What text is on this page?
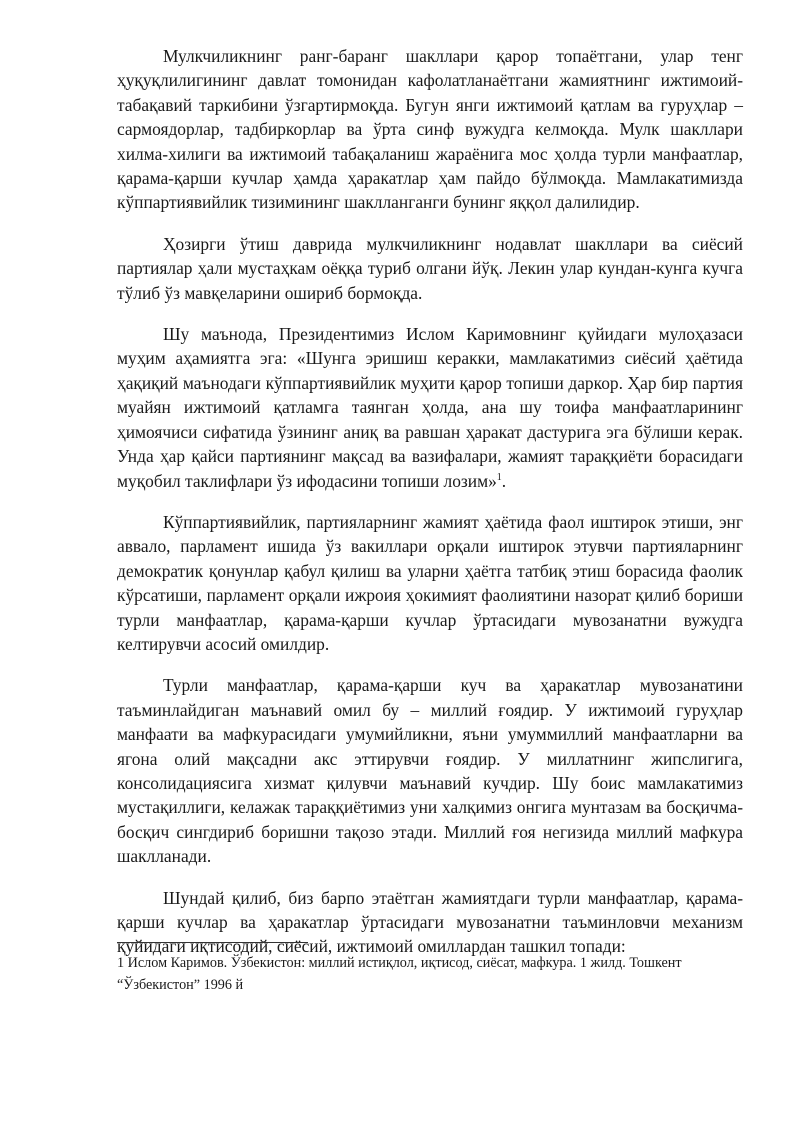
Мулкчиликнинг ранг-баранг шакллари қарор топаётгани, улар тенг ҳуқуқлилигининг давлат томонидан кафолатланаётгани жамиятнинг ижтимоий-табақавий таркибини ўзгартирмоқда. Бугун янги ижтимоий қатлам ва гуруҳлар – сармоядорлар, тадбиркорлар ва ўрта синф вужудга келмоқда. Мулк шакллари хилма-хилиги ва ижтимоий табақаланиш жараёнига мос ҳолда турли манфаатлар, қарама-қарши кучлар ҳамда ҳаракатлар ҳам пайдо бўлмоқда. Мамлакатимизда кўппартиявийлик тизимининг шаклланганги бунинг яққол далилидир.

Ҳозирги ўтиш даврида мулкчиликнинг нодавлат шакллари ва сиёсий партиялар ҳали мустаҳкам оёққа туриб олгани йўқ. Лекин улар кундан-кунга кучга тўлиб ўз мавқеларини ошириб бормоқда.

Шу маънода, Президентимиз Ислом Каримовнинг қуйидаги мулоҳазаси муҳим аҳамиятга эга: «Шунга эришиш керакки, мамлакатимиз сиёсий ҳаётида ҳақиқий маънодаги кўппартиявийлик муҳити қарор топиши даркор. Ҳар бир партия муайян ижтимоий қатламга таянган ҳолда, ана шу тоифа манфаатларининг ҳимоячиси сифатида ўзининг аниқ ва равшан ҳаракат дастурига эга бўлиши керак. Унда ҳар қайси партиянинг мақсад ва вазифалари, жамият тараққиёти борасидаги муқобил таклифлари ўз ифодасини топиши лозим»$^1$.

Кўппартиявийлик, партияларнинг жамият ҳаётида фаол иштирок этиши, энг аввало, парламент ишида ўз вакиллари орқали иштирок этувчи партияларнинг демократик қонунлар қабул қилиш ва уларни ҳаётга татбиқ этиш борасида фаолик кўрсатиши, парламент орқали ижроия ҳокимият фаолиятини назорат қилиб бориши турли манфаатлар, қарама-қарши кучлар ўртасидаги мувозанатни вужудга келтирувчи асосий омилдир.

Турли манфаатлар, қарама-қарши куч ва ҳаракатлар мувозанатини таъминлайдиган маънавий омил бу – миллий ғоядир. У ижтимоий гуруҳлар манфаати ва мафкурасидаги умумийликни, яъни умуммиллий манфаатларни ва ягона олий мақсадни акс эттирувчи ғоядир. У миллатнинг жипслигига, консолидациясига хизмат қилувчи маънавий кучдир. Шу боис мамлакатимиз мустақиллиги, келажак тараққиётимиз уни халқимиз онгига мунтазам ва босқичма-босқич сингдириб боришни тақозо этади. Миллий ғоя негизида миллий мафкура шаклланади.

Шундай қилиб, биз барпо этаётган жамиятдаги турли манфаатлар, қарама-қарши кучлар ва ҳаракатлар ўртасидаги мувозанатни таъминловчи механизм қуйидаги иқтисодий, сиёсий, ижтимоий омиллардан ташкил топади:

1 Ислом Каримов. Ўзбекистон: миллий истиқлол, иқтисод, сиёсат, мафкура. 1 жилд. Тошкент
“Ўзбекистон” 1996 й
